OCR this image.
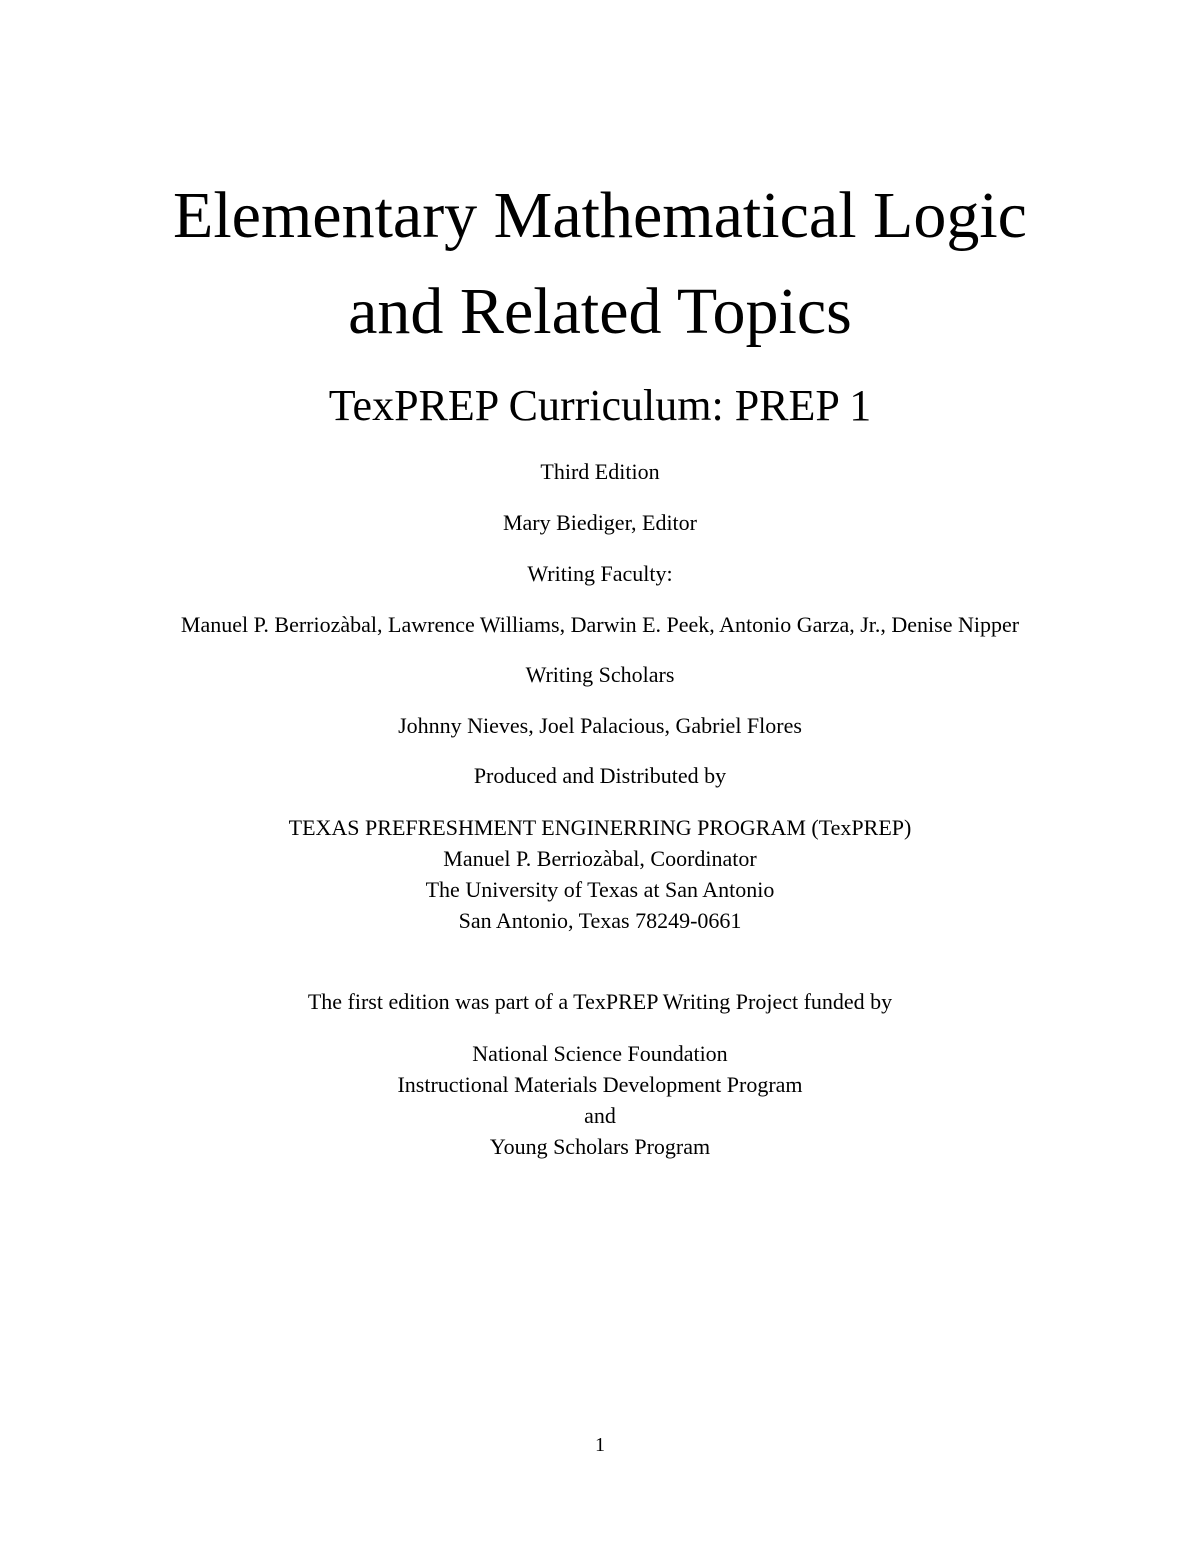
Elementary Mathematical Logic
and Related Topics
TexPREP Curriculum: PREP 1

Third Edition

Mary Biediger, Editor

Writing Faculty:

Manuel P. Berriozàbal, Lawrence Williams, Darwin E. Peek, Antonio Garza, Jr., Denise Nipper

Writing Scholars

Johnny Nieves, Joel Palacious, Gabriel Flores

Produced and Distributed by

TEXAS PREFRESHMENT ENGINERRING PROGRAM (TexPREP)

Manuel P. Berriozàbal, Coordinator

The University of Texas at San Antonio

San Antonio, Texas 78249-0661

The first edition was part of a TexPREP Writing Project funded by

National Science Foundation

Instructional Materials Development Program

and

Young Scholars Program

1
